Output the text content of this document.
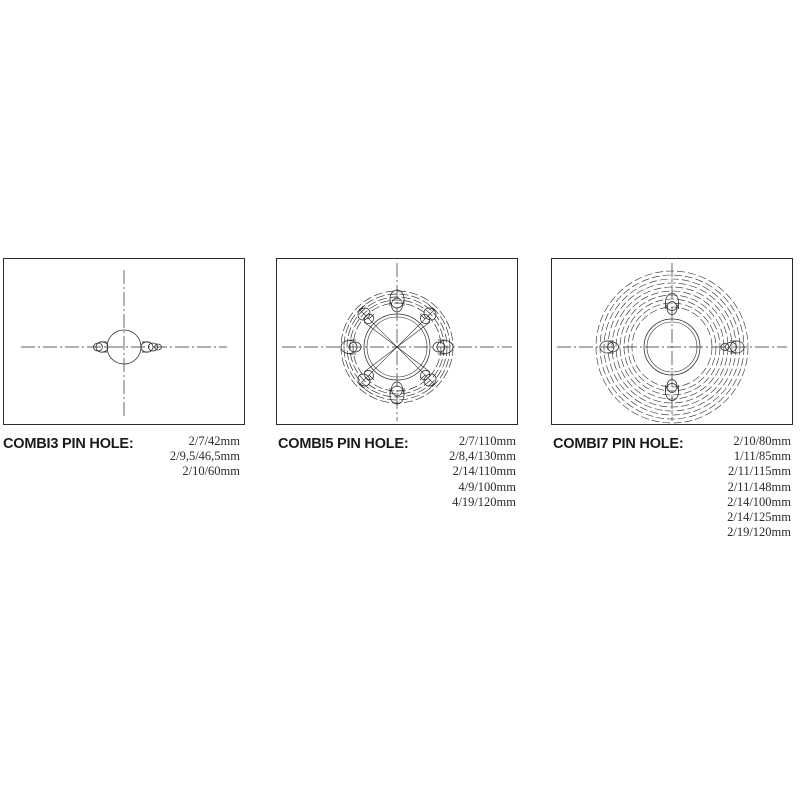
COMBI3 PIN HOLE:	COMBI5 PIN HOLE:	COMBI7 PIN HOLE:
2/7/42mm
2/9,5/46,5mm
2/10/60mm
2/7/110mm
2/8,4/130mm
2/14/110mm
4/9/100mm
4/19/120mm
2/10/80mm
1/11/85mm
2/11/115mm
2/11/148mm
2/14/100mm
2/14/125mm
2/19/120mm
